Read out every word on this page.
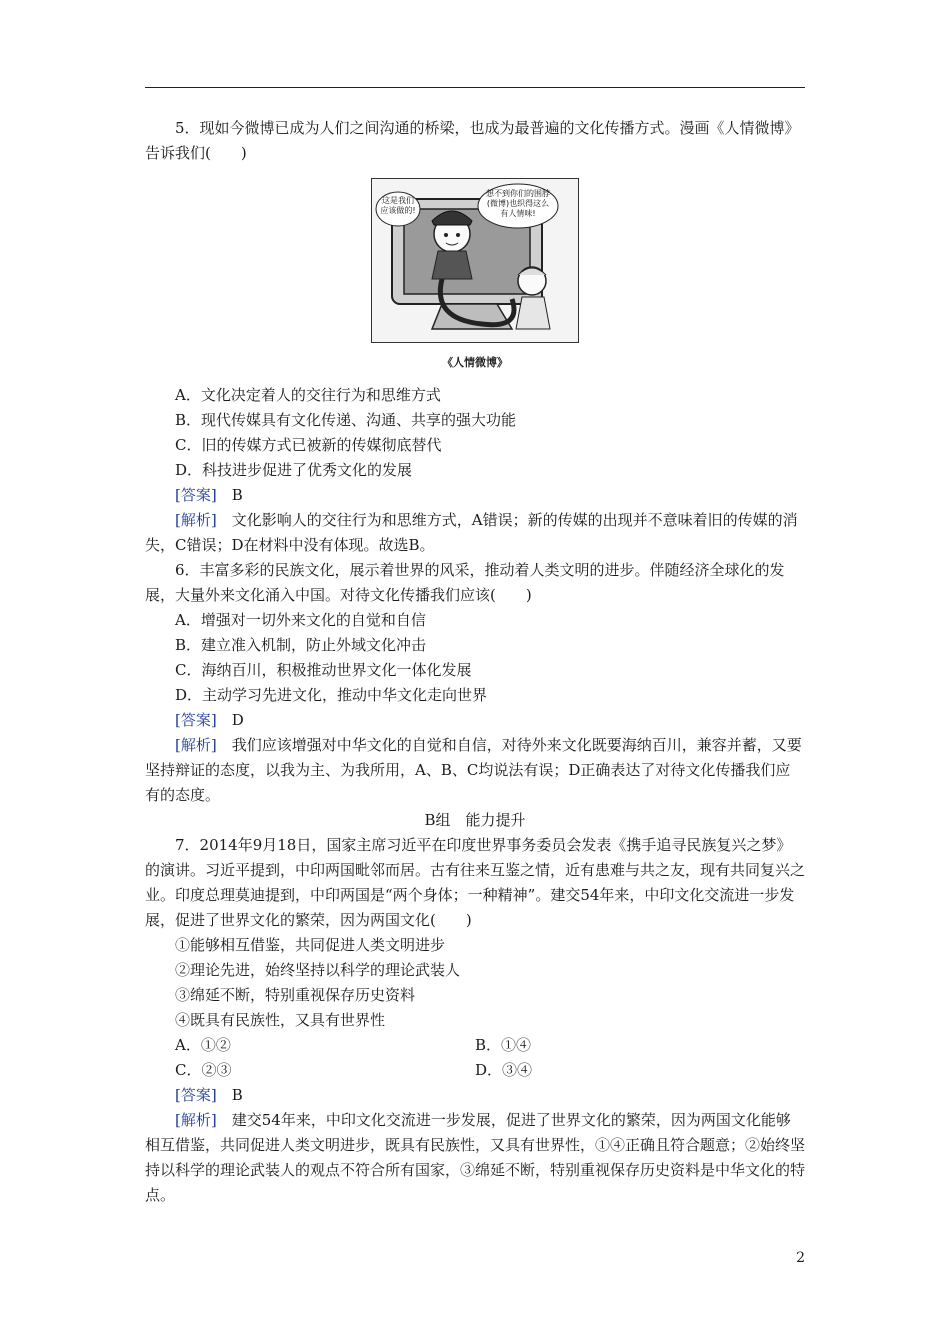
5．现如今微博已成为人们之间沟通的桥梁，也成为最普遍的文化传播方式。漫画《人情微博》告诉我们(　　)

这是我们应该做的!
想不到你们的围脖(微博)也织得这么有人情味!
《人情微博》

A．文化决定着人的交往行为和思维方式

B．现代传媒具有文化传递、沟通、共享的强大功能

C．旧的传媒方式已被新的传媒彻底替代

D．科技进步促进了优秀文化的发展

[答案]　 B

[解析]　 文化影响人的交往行为和思维方式，A错误；新的传媒的出现并不意味着旧的传媒的消失，C错误；D在材料中没有体现。故选B。

6．丰富多彩的民族文化，展示着世界的风采，推动着人类文明的进步。伴随经济全球化的发展，大量外来文化涌入中国。对待文化传播我们应该(　　)

A．增强对一切外来文化的自觉和自信

B．建立准入机制，防止外域文化冲击

C．海纳百川，积极推动世界文化一体化发展

D．主动学习先进文化，推动中华文化走向世界

[答案]　 D

[解析]　 我们应该增强对中华文化的自觉和自信，对待外来文化既要海纳百川，兼容并蓄，又要坚持辩证的态度，以我为主、为我所用，A、B、C均说法有误；D正确表达了对待文化传播我们应有的态度。

B组　能力提升

7．2014年9月18日，国家主席习近平在印度世界事务委员会发表《携手追寻民族复兴之梦》的演讲。习近平提到，中印两国毗邻而居。古有往来互鉴之情，近有患难与共之友，现有共同复兴之业。印度总理莫迪提到，中印两国是“两个身体；一种精神”。建交54年来，中印文化交流进一步发展，促进了世界文化的繁荣，因为两国文化(　　)

①能够相互借鉴，共同促进人类文明进步

②理论先进，始终坚持以科学的理论武装人

③绵延不断，特别重视保存历史资料

④既具有民族性，又具有世界性

A．①②	B．①④
C．②③	D．③④

[答案]　 B

[解析]　 建交54年来，中印文化交流进一步发展，促进了世界文化的繁荣，因为两国文化能够相互借鉴，共同促进人类文明进步，既具有民族性，又具有世界性，①④正确且符合题意；②始终坚持以科学的理论武装人的观点不符合所有国家，③绵延不断，特别重视保存历史资料是中华文化的特点。

2
